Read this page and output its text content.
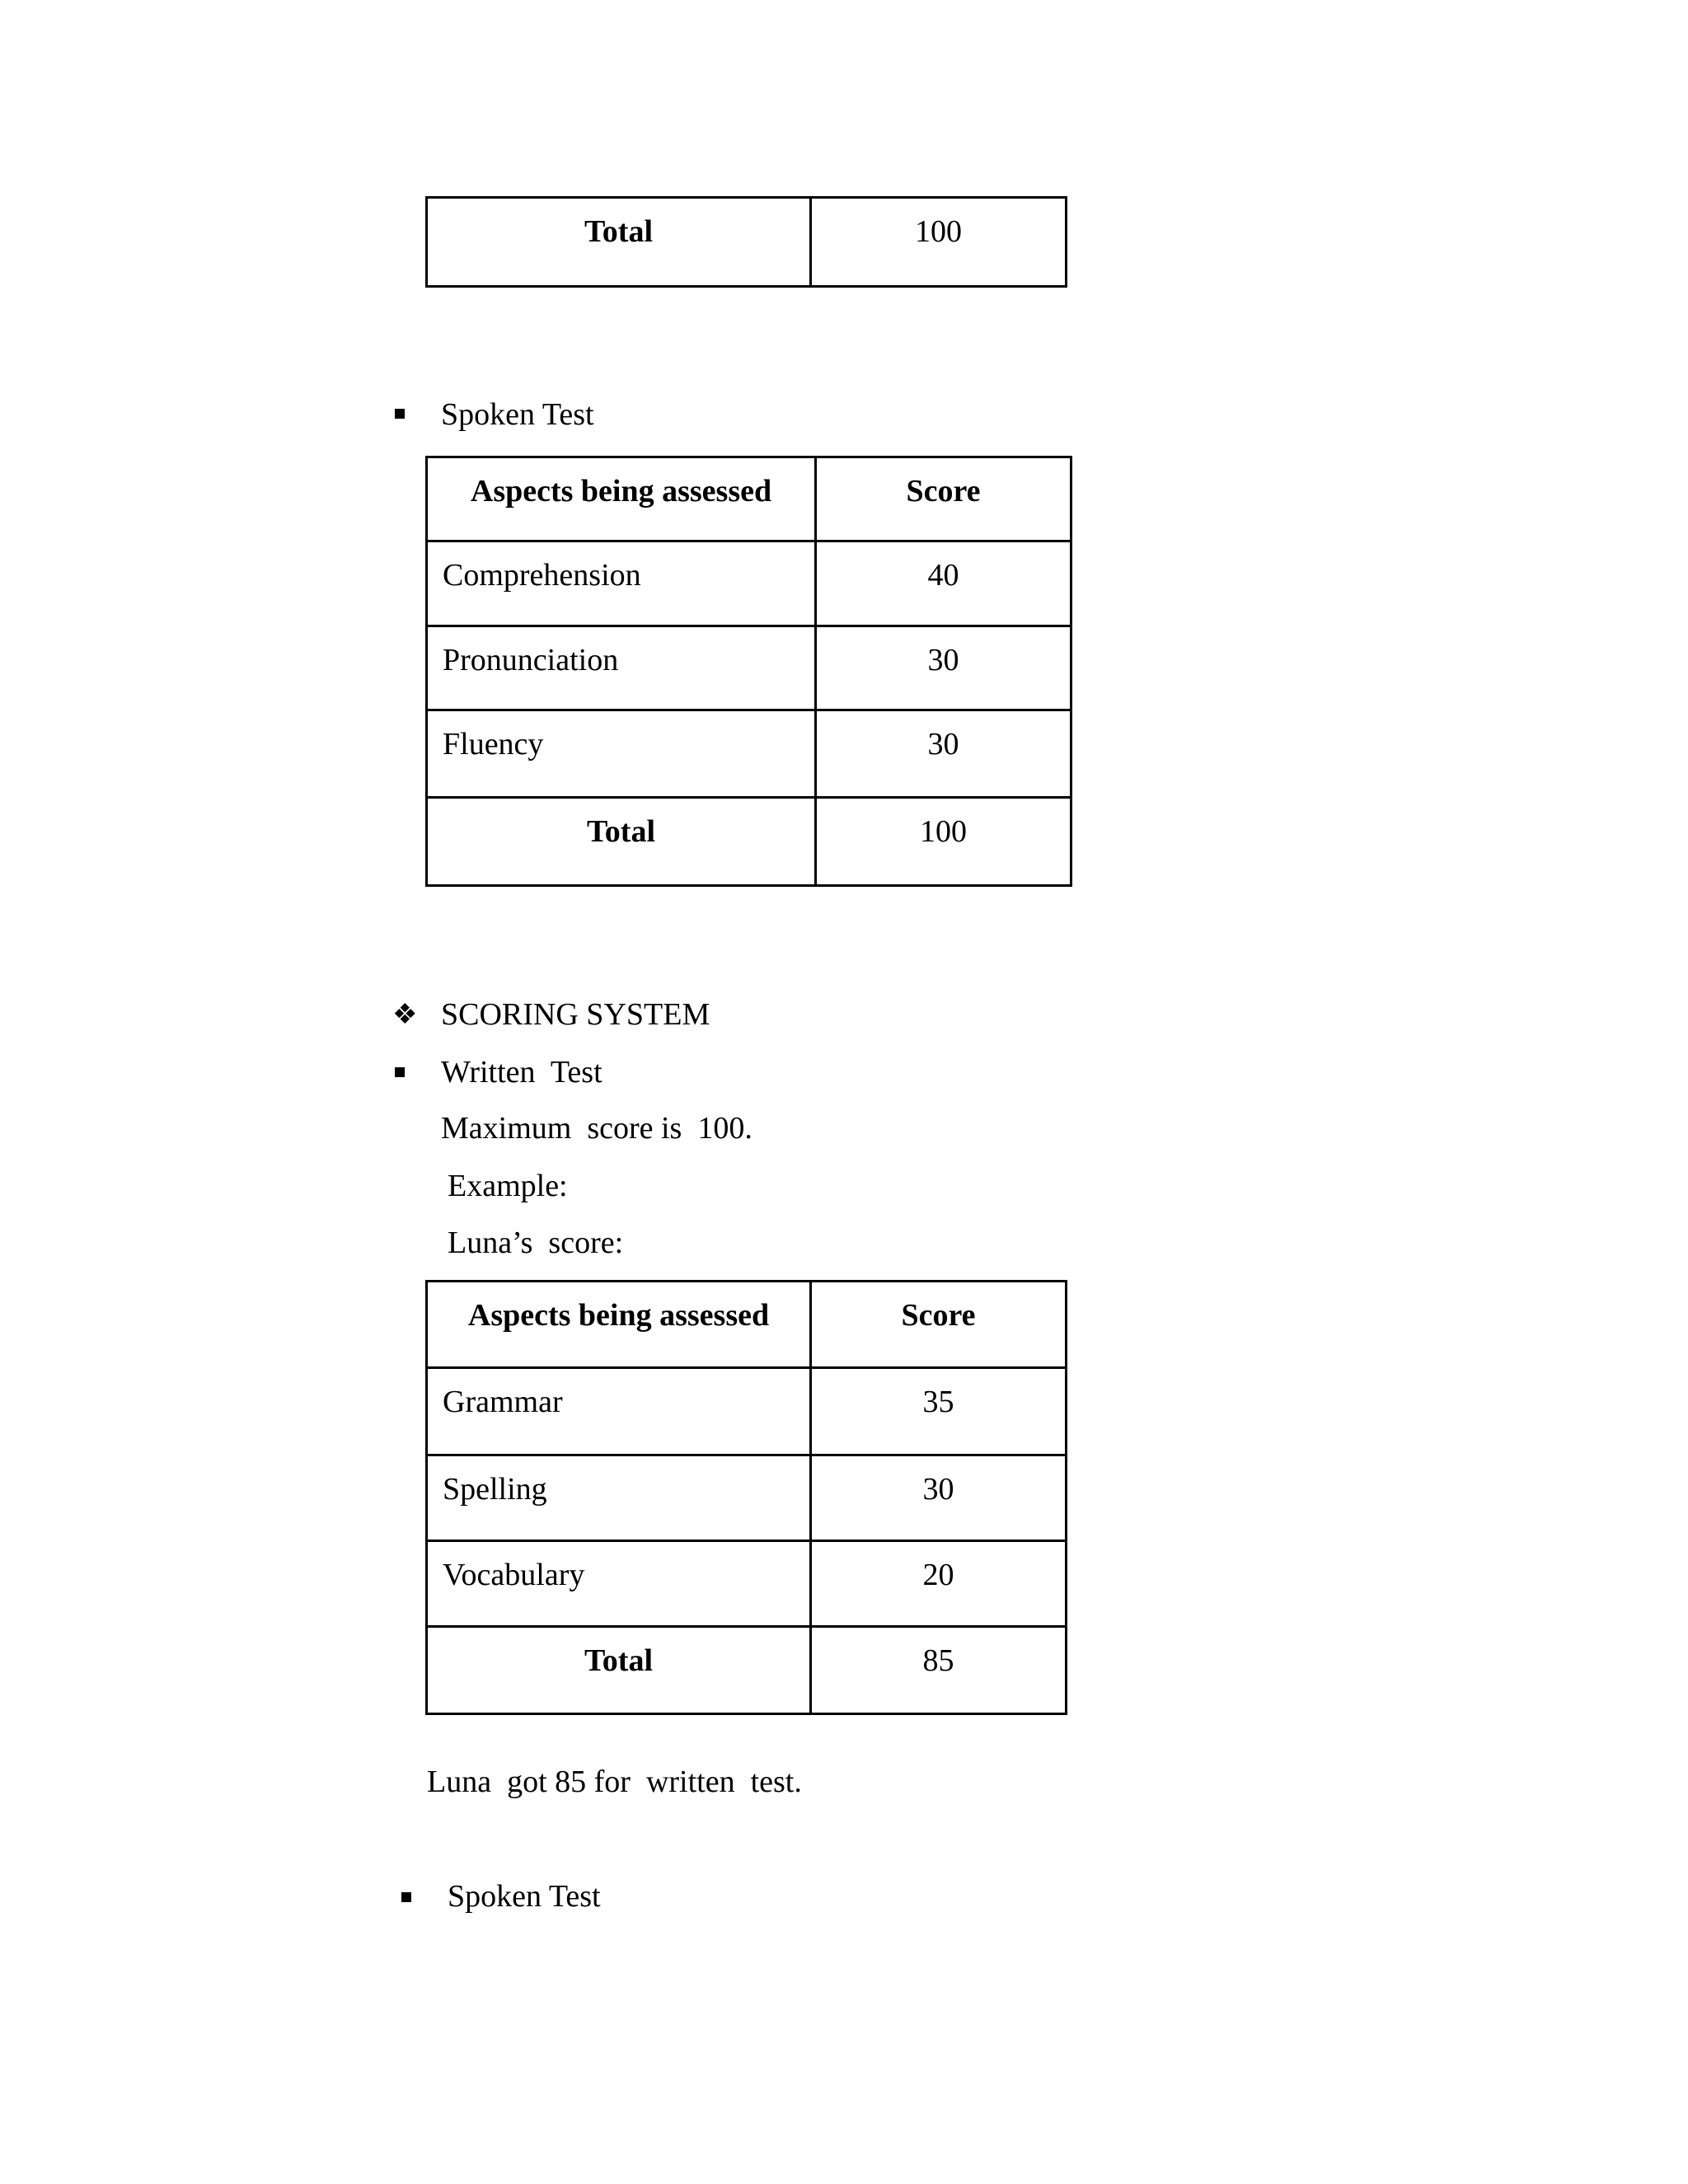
Total	100
Spoken Test
Aspects being assessed	Score
Comprehension	40
Pronunciation	30
Fluency	30
Total	100
❖ SCORING SYSTEM
Written  Test
Maximum  score is  100.
Example:
Luna’s  score:
Aspects being assessed	Score
Grammar	35
Spelling	30
Vocabulary	20
Total	85
Luna  got 85 for  written  test.
Spoken Test
